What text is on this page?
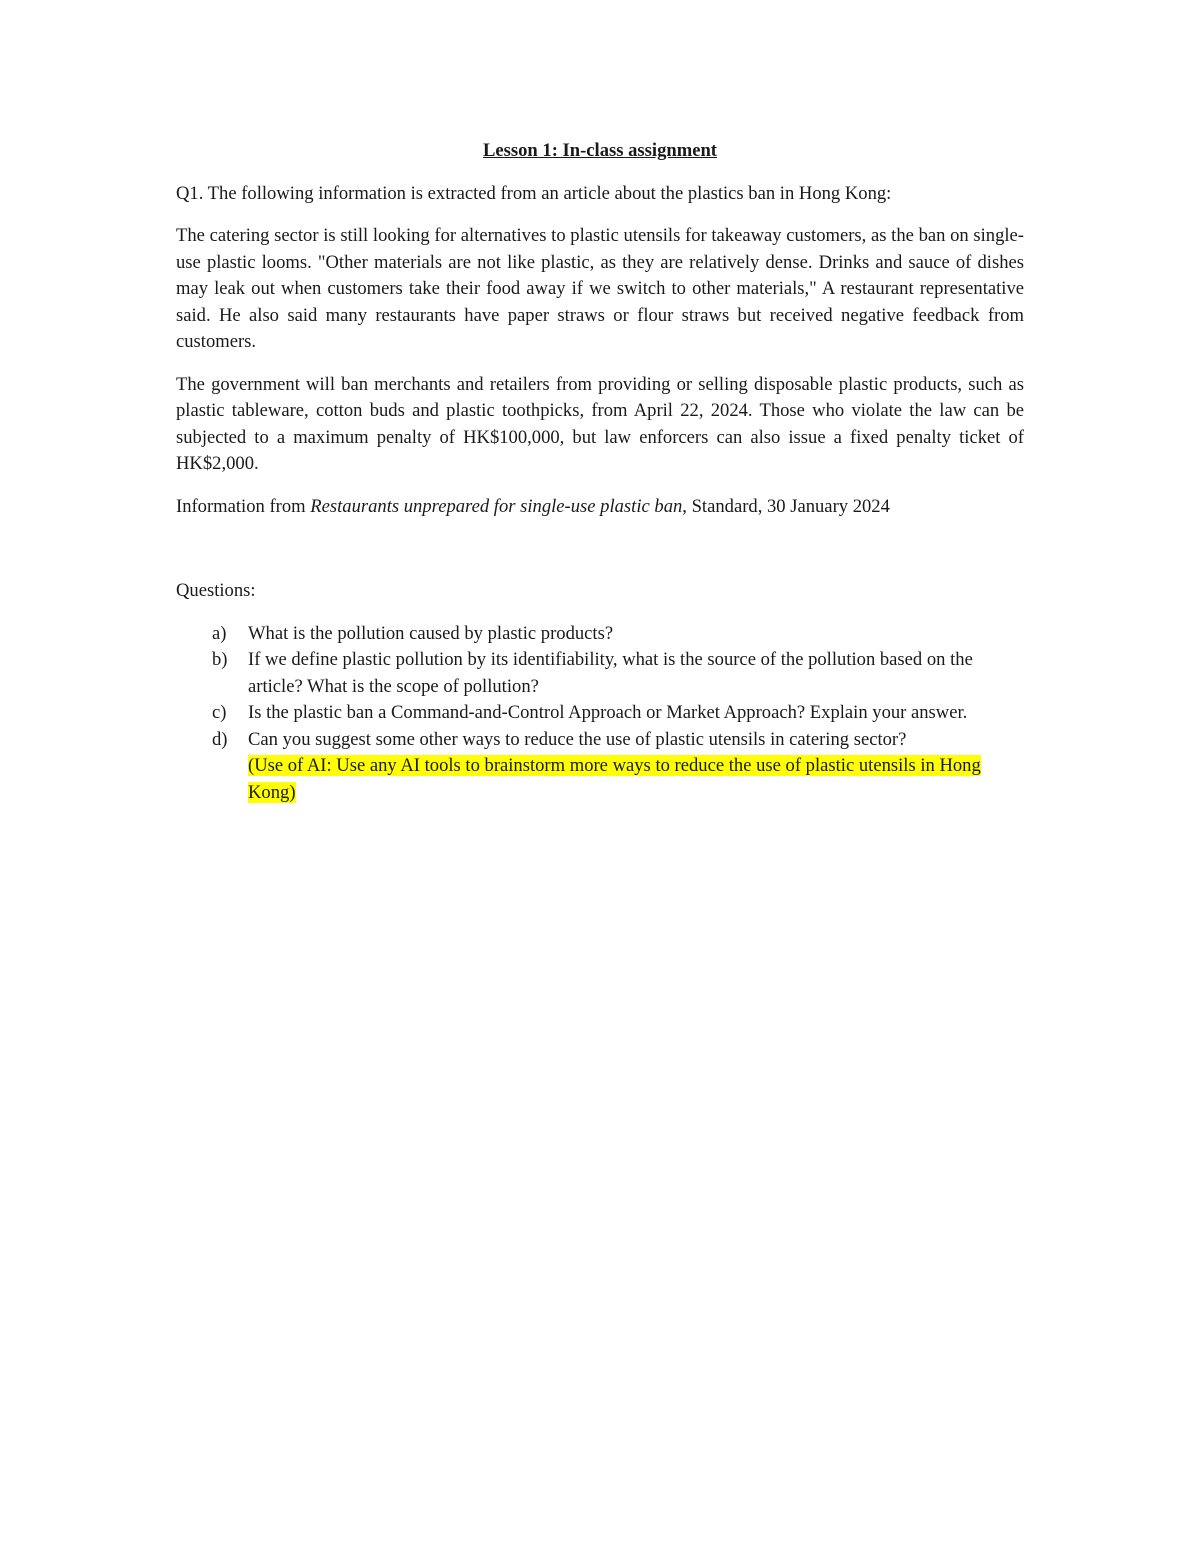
Lesson 1: In-class assignment

Q1. The following information is extracted from an article about the plastics ban in Hong Kong:

The catering sector is still looking for alternatives to plastic utensils for takeaway customers, as the ban on single-use plastic looms. "Other materials are not like plastic, as they are relatively dense. Drinks and sauce of dishes may leak out when customers take their food away if we switch to other materials," A restaurant representative said. He also said many restaurants have paper straws or flour straws but received negative feedback from customers.

The government will ban merchants and retailers from providing or selling disposable plastic products, such as plastic tableware, cotton buds and plastic toothpicks, from April 22, 2024. Those who violate the law can be subjected to a maximum penalty of HK$100,000, but law enforcers can also issue a fixed penalty ticket of HK$2,000.

Information from Restaurants unprepared for single-use plastic ban, Standard, 30 January 2024

Questions:

a)	What is the pollution caused by plastic products?
b)	If we define plastic pollution by its identifiability, what is the source of the pollution based on the article? What is the scope of pollution?
c)	Is the plastic ban a Command-and-Control Approach or Market Approach? Explain your answer.
d)	Can you suggest some other ways to reduce the use of plastic utensils in catering sector?
(Use of AI: Use any AI tools to brainstorm more ways to reduce the use of plastic utensils in Hong Kong)
